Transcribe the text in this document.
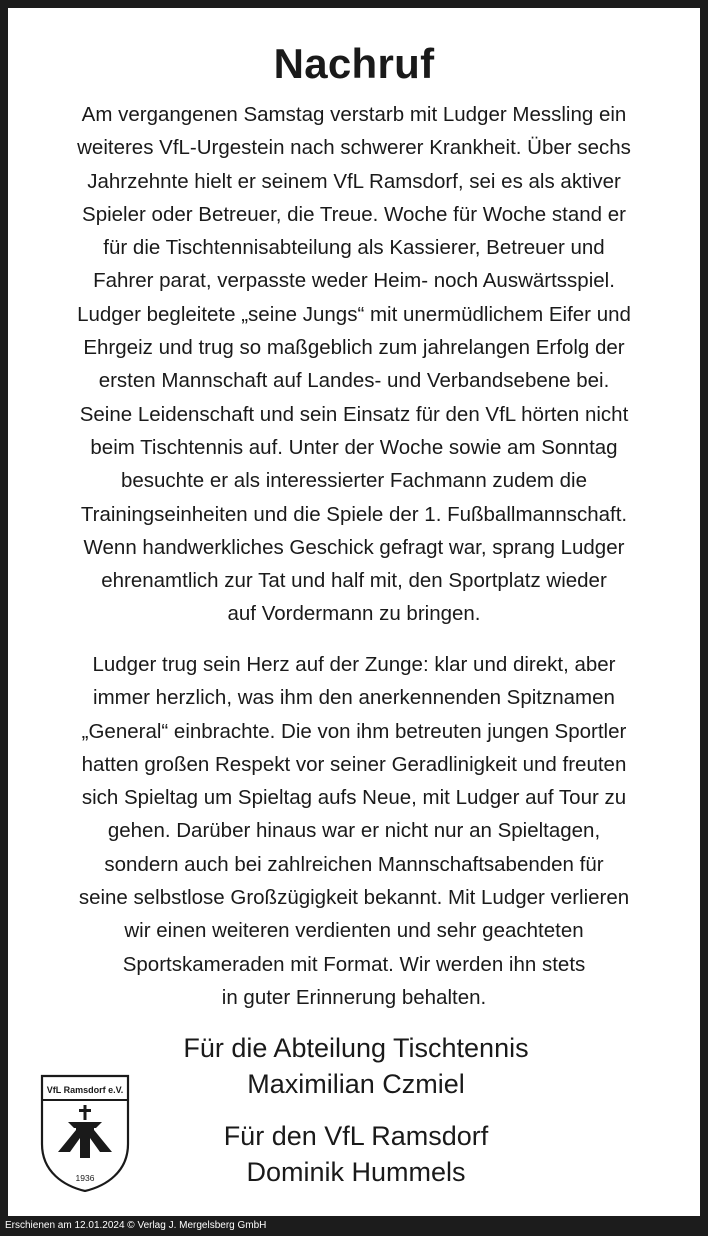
Nachruf

Am vergangenen Samstag verstarb mit Ludger Messling ein
weiteres VfL-Urgestein nach schwerer Krankheit. Über sechs
Jahrzehnte hielt er seinem VfL Ramsdorf, sei es als aktiver
Spieler oder Betreuer, die Treue. Woche für Woche stand er
für die Tischtennisabteilung als Kassierer, Betreuer und
Fahrer parat, verpasste weder Heim- noch Auswärtsspiel.
Ludger begleitete „seine Jungs“ mit unermüdlichem Eifer und
Ehrgeiz und trug so maßgeblich zum jahrelangen Erfolg der
ersten Mannschaft auf Landes- und Verbandsebene bei.
Seine Leidenschaft und sein Einsatz für den VfL hörten nicht
beim Tischtennis auf. Unter der Woche sowie am Sonntag
besuchte er als interessierter Fachmann zudem die
Trainingseinheiten und die Spiele der 1. Fußballmannschaft.
Wenn handwerkliches Geschick gefragt war, sprang Ludger
ehrenamtlich zur Tat und half mit, den Sportplatz wieder
auf Vordermann zu bringen.

Ludger trug sein Herz auf der Zunge: klar und direkt, aber
immer herzlich, was ihm den anerkennenden Spitznamen
„General“ einbrachte. Die von ihm betreuten jungen Sportler
hatten großen Respekt vor seiner Geradlinigkeit und freuten
sich Spieltag um Spieltag aufs Neue, mit Ludger auf Tour zu
gehen. Darüber hinaus war er nicht nur an Spieltagen,
sondern auch bei zahlreichen Mannschaftsabenden für
seine selbstlose Großzügigkeit bekannt. Mit Ludger verlieren
wir einen weiteren verdienten und sehr geachteten
Sportskameraden mit Format. Wir werden ihn stets
in guter Erinnerung behalten.

Für die Abteilung Tischtennis
Maximilian Czmiel
Für den VfL Ramsdorf
Dominik Hummels
VfL Ramsdorf e.V.
1936
Erschienen am 12.01.2024 © Verlag J. Mergelsberg GmbH
